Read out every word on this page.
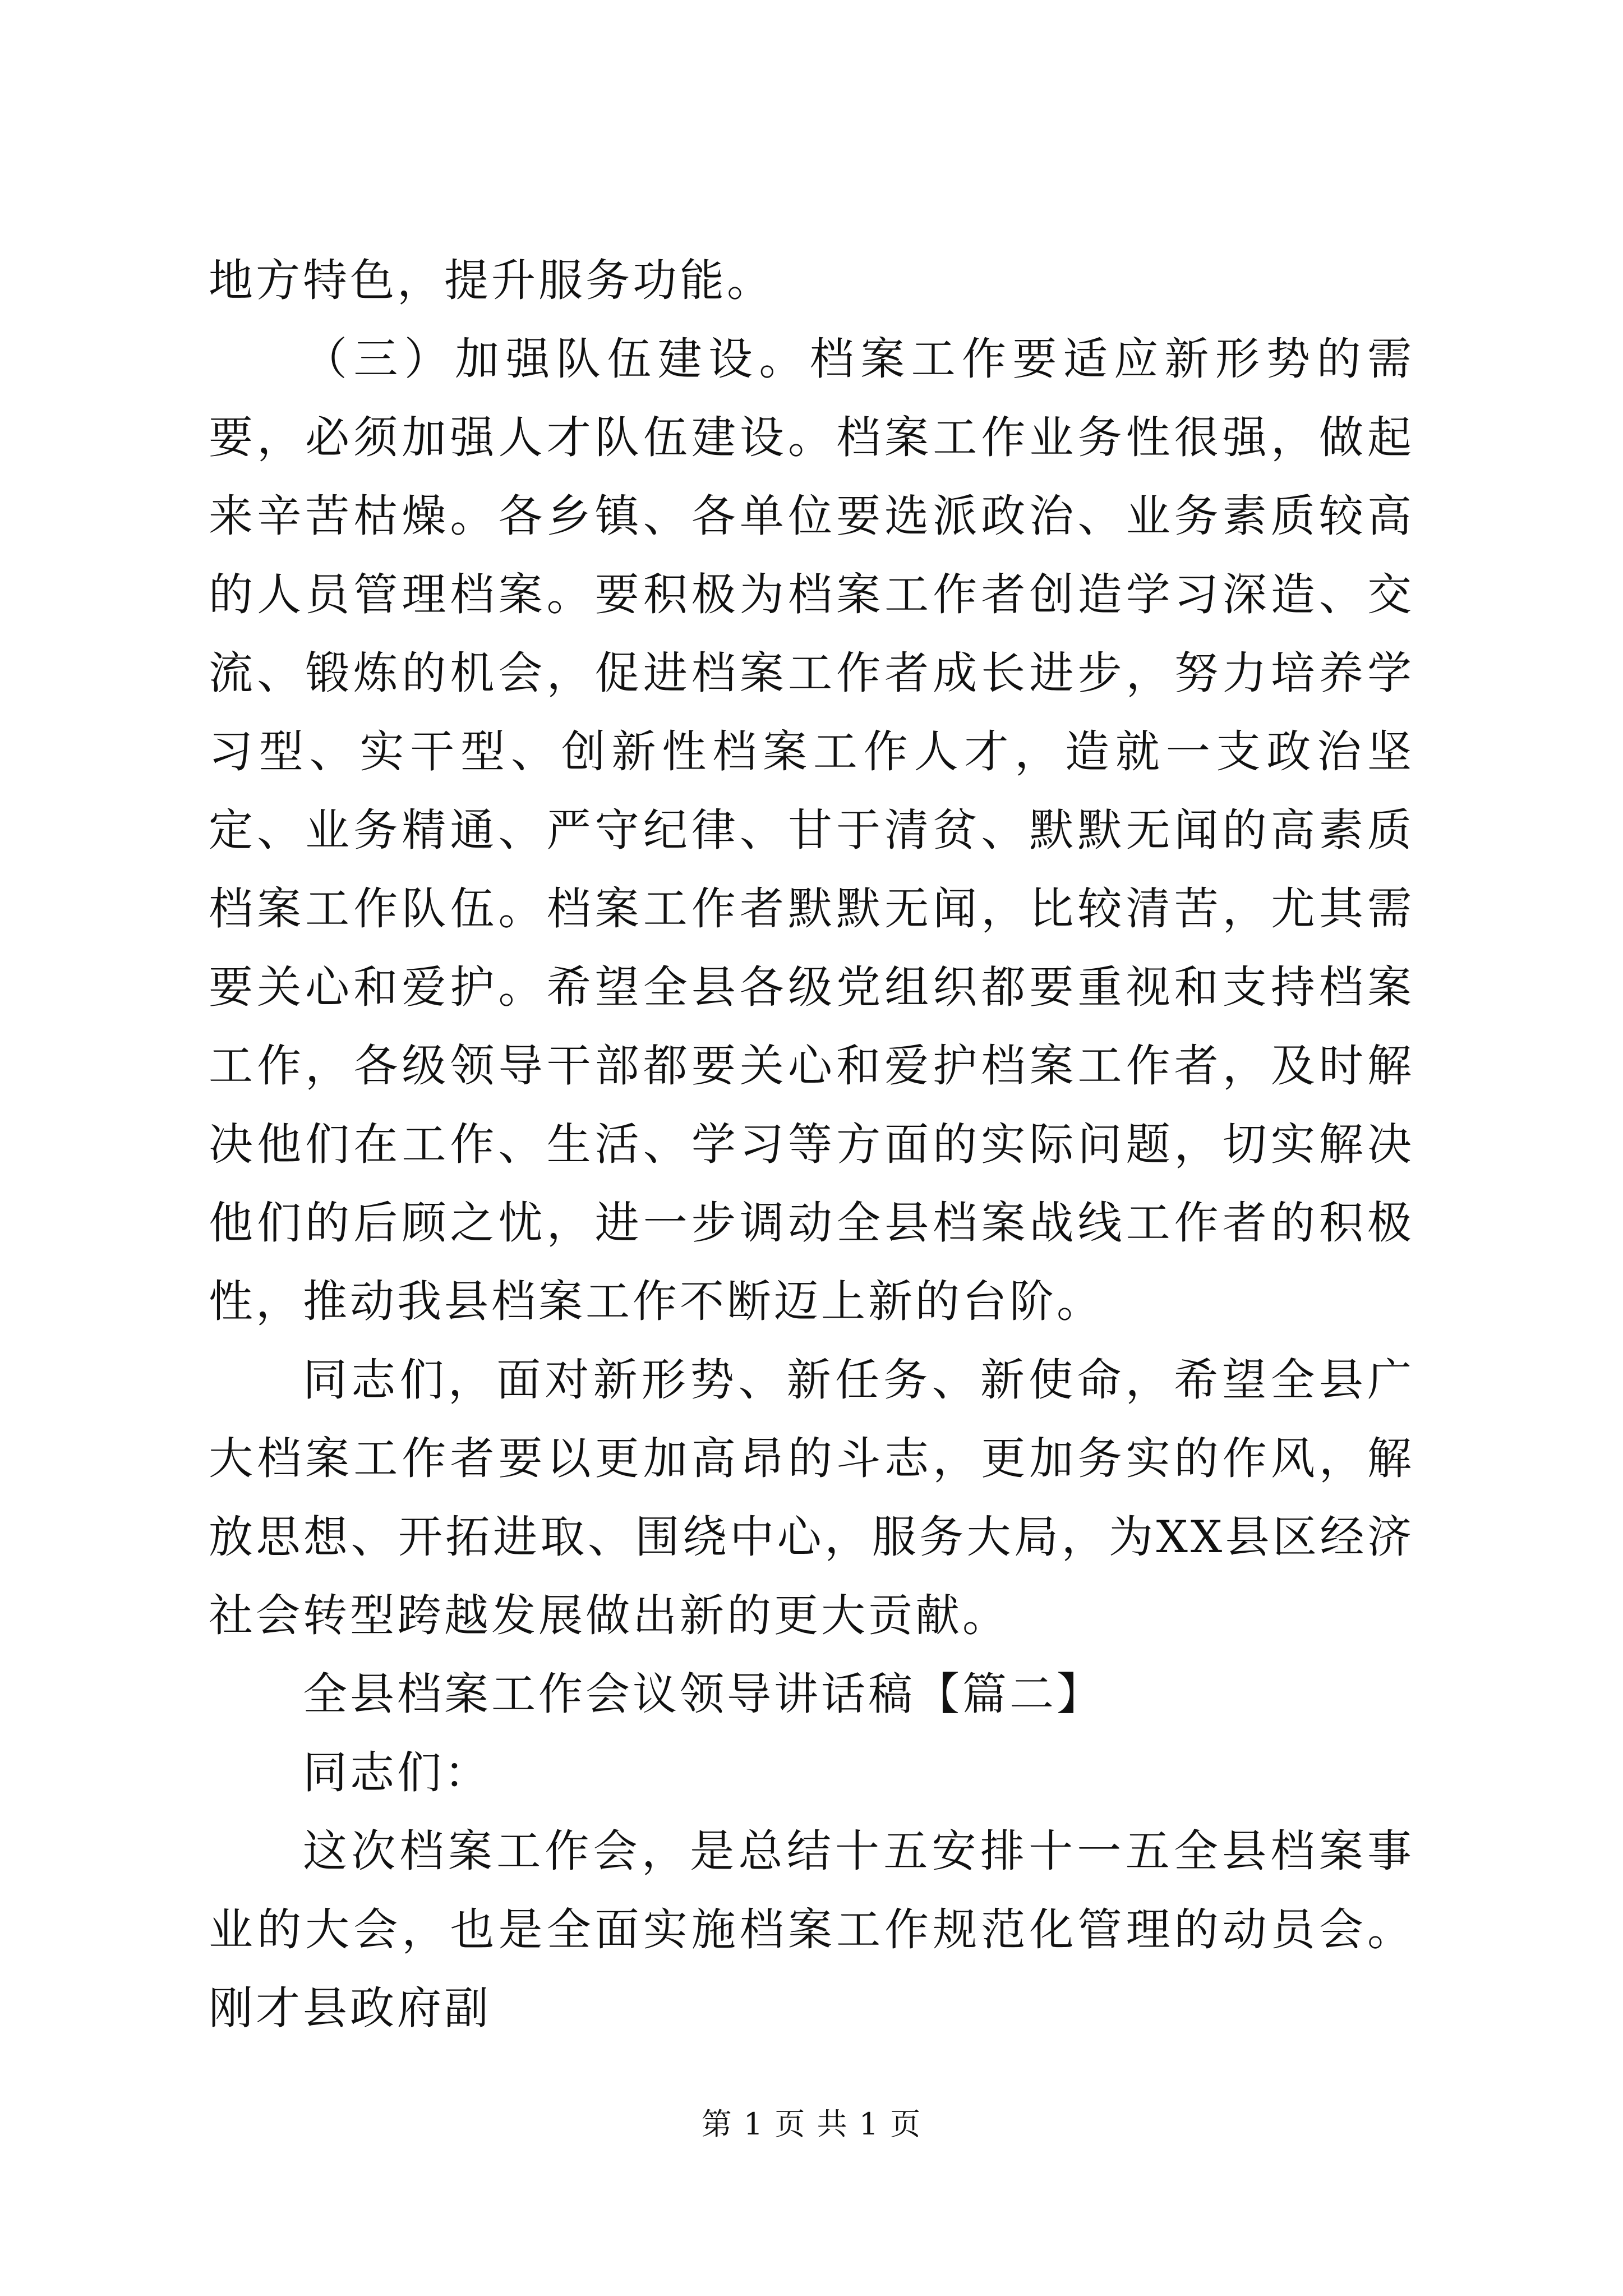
地方特色，提升服务功能。

（三）加强队伍建设。档案工作要适应新形势的需要，必须加强人才队伍建设。档案工作业务性很强，做起来辛苦枯燥。各乡镇、各单位要选派政治、业务素质较高的人员管理档案。要积极为档案工作者创造学习深造、交流、锻炼的机会，促进档案工作者成长进步，努力培养学习型、实干型、创新性档案工作人才，造就一支政治坚定、业务精通、严守纪律、甘于清贫、默默无闻的高素质档案工作队伍。档案工作者默默无闻，比较清苦，尤其需要关心和爱护。希望全县各级党组织都要重视和支持档案工作，各级领导干部都要关心和爱护档案工作者，及时解决他们在工作、生活、学习等方面的实际问题，切实解决他们的后顾之忧，进一步调动全县档案战线工作者的积极性，推动我县档案工作不断迈上新的台阶。

同志们，面对新形势、新任务、新使命，希望全县广大档案工作者要以更加高昂的斗志，更加务实的作风，解放思想、开拓进取、围绕中心，服务大局，为XX县区经济社会转型跨越发展做出新的更大贡献。

全县档案工作会议领导讲话稿【篇二】

同志们：

这次档案工作会，是总结十五安排十一五全县档案事业的大会，也是全面实施档案工作规范化管理的动员会。刚才县政府副

第 1 页 共 1 页
